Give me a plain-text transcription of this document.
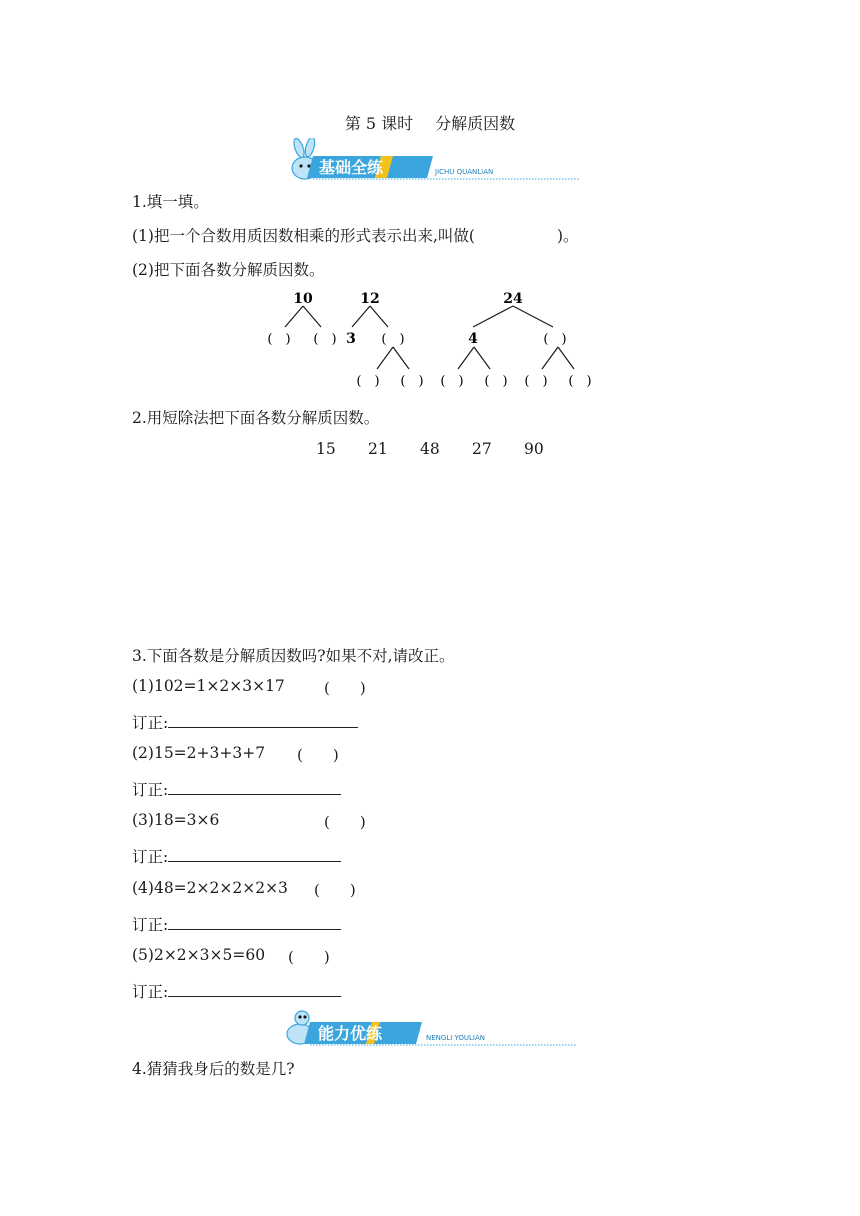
第 5 课时 分解质因数
基础全练	JICHU QUANLIAN
1.填一填。
(1)把一个合数用质因数相乘的形式表示出来,叫做(	)。
(2)把下面各数分解质因数。
10	12	24
(　) (　) 3 (　)	4	(　)
(　) (　) (　) (　) (　) (　)
2.用短除法把下面各数分解质因数。
15 21 48 27 90
3.下面各数是分解质因数吗?如果不对,请改正。
(1)102=1×2×3×17	(　　)
订正:
(2)15=2+3+3+7 (　　)
订正:
(3)18=3×6	(　　)
订正:
(4)48=2×2×2×2×3 (　　)
订正:
(5)2×2×3×5=60 (　　)
订正:
能力优练	NENGLI YOULIAN
4.猜猜我身后的数是几?
